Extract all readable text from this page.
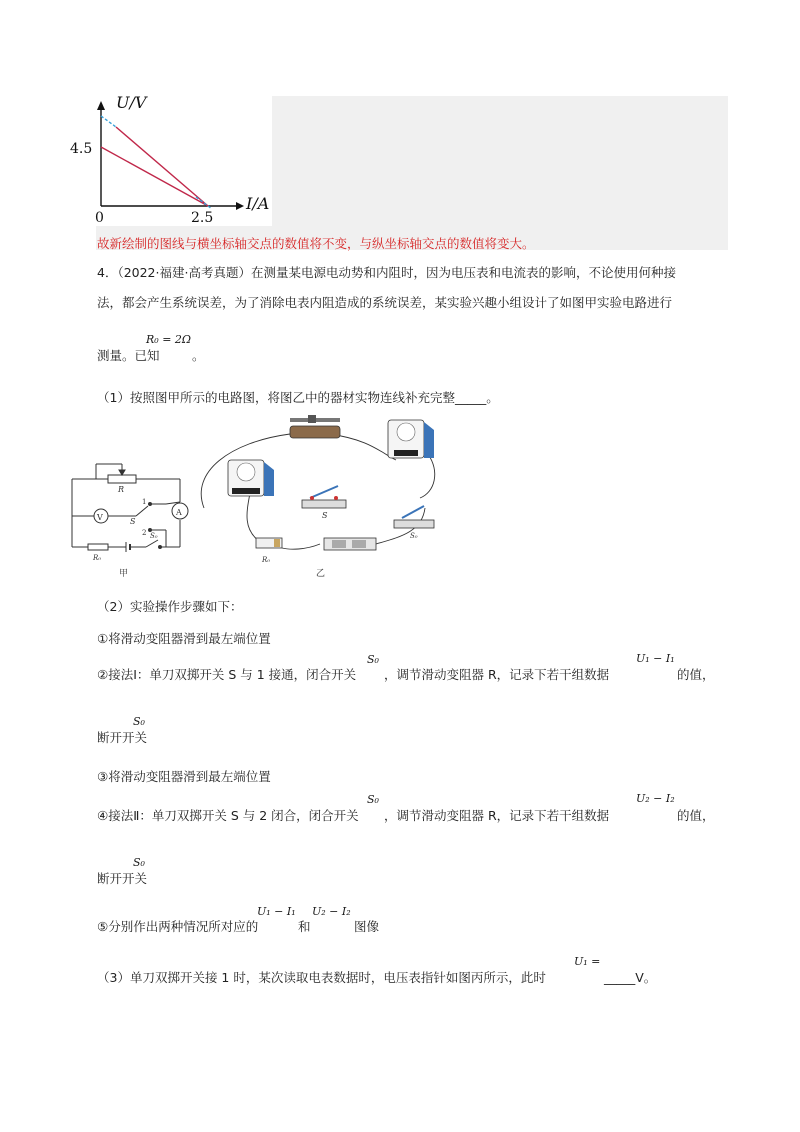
U/V
I/A
0
4.5
2.5
故新绘制的图线与横坐标轴交点的数值将不变，与纵坐标轴交点的数值将变大。
4．（2022·福建·高考真题）在测量某电源电动势和内阻时，因为电压表和电流表的影响，不论使用何种接
法，都会产生系统误差，为了消除电表内阻造成的系统误差，某实验兴趣小组设计了如图甲实验电路进行
测量。已知
R₀ = 2Ω
。
（1）按照图甲所示的电路图，将图乙中的器材实物连线补充完整_____。
V
A
R
S
1
2
R₀
S₀
甲
S
S₀
R₀
乙
（2）实验操作步骤如下：
①将滑动变阻器滑到最左端位置
②接法Ⅰ：单刀双掷开关 S 与 1 接通，闭合开关
S₀
，调节滑动变阻器 R，记录下若干组数据
U₁ − I₁
的值，
断开开关
S₀
③将滑动变阻器滑到最左端位置
④接法Ⅱ：单刀双掷开关 S 与 2 闭合，闭合开关
S₀
，调节滑动变阻器 R，记录下若干组数据
U₂ − I₂
的值，
断开开关
S₀
⑤分别作出两种情况所对应的
U₁ − I₁
和
U₂ − I₂
图像
（3）单刀双掷开关接 1 时，某次读取电表数据时，电压表指针如图丙所示，此时
U₁ =
_____V。
